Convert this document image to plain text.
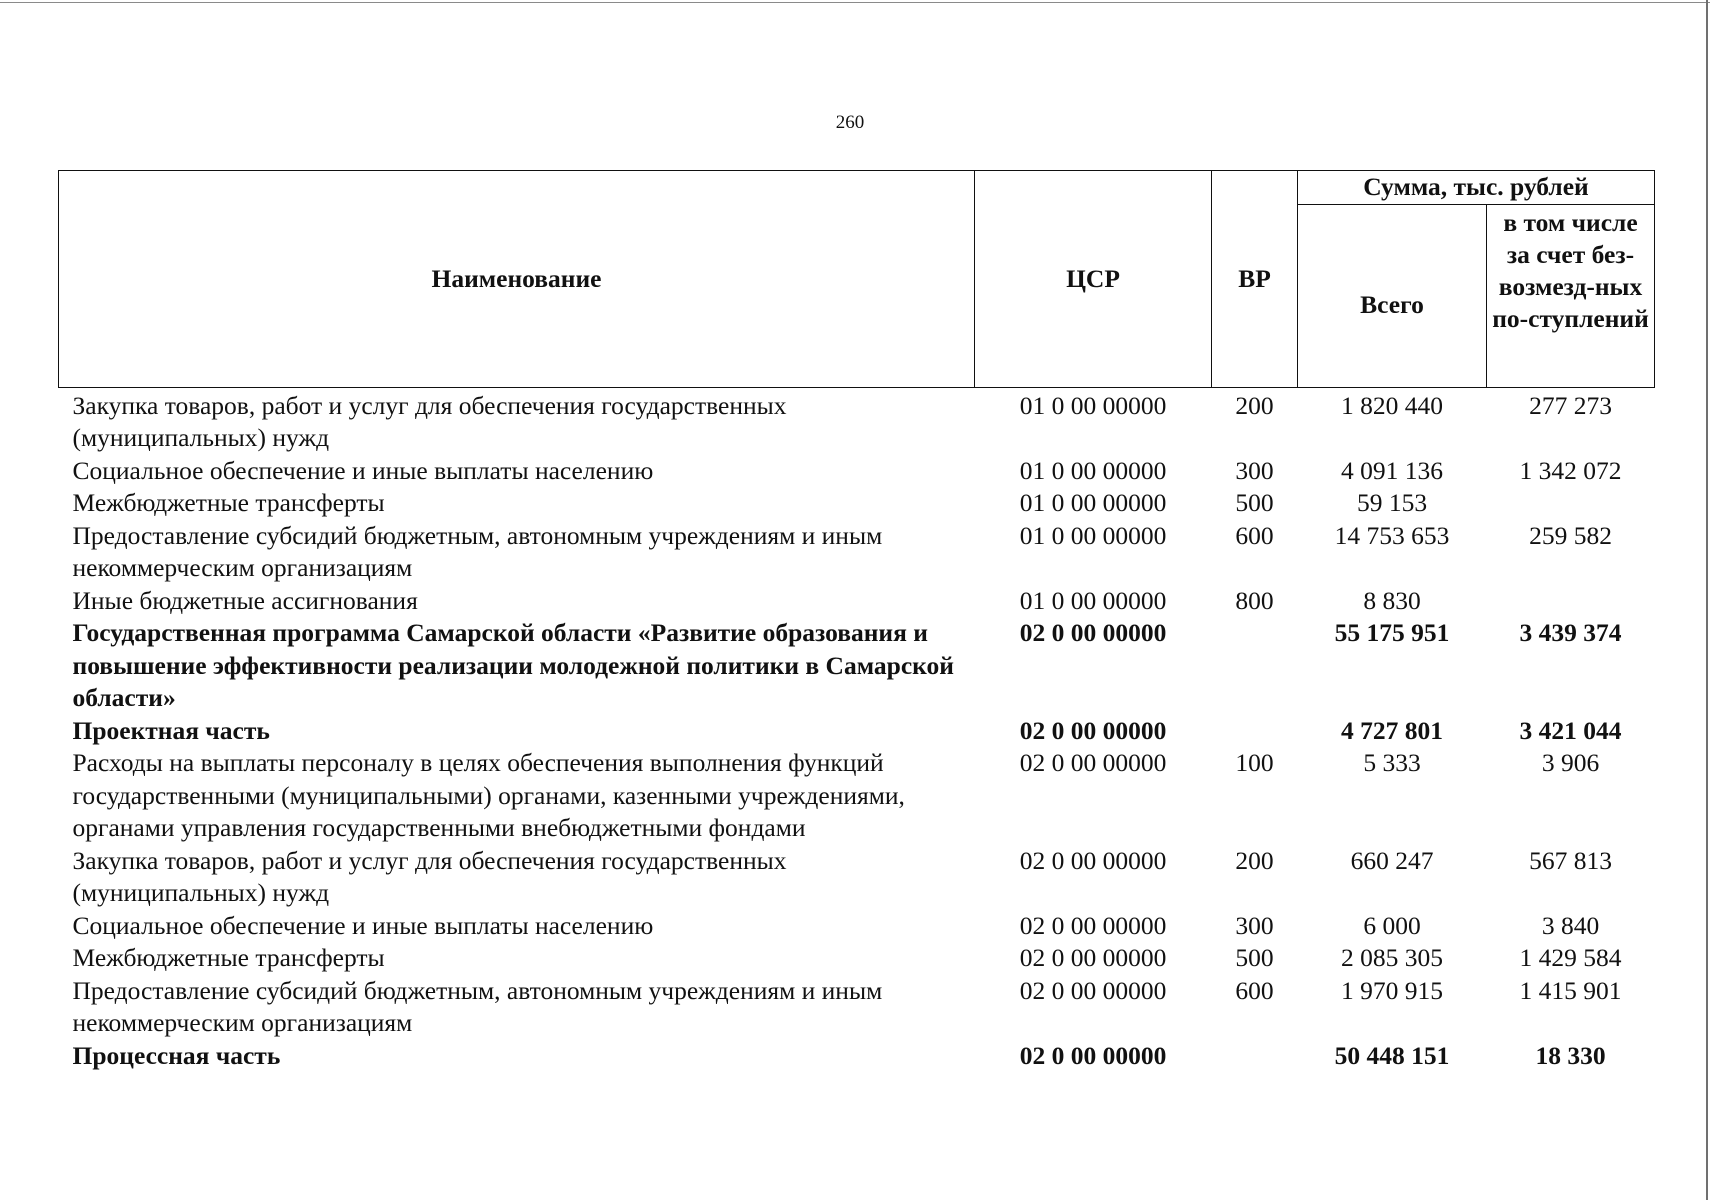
260
Наименование	ЦСР	ВР	Сумма, тыс. рублей	
			Всего	в том числе за счет без-возмезд-ных по-ступлений
Закупка товаров, работ и услуг для обеспечения государственных (муниципальных) нужд	01 0 00 00000	200	1 820 440	277 273
Социальное обеспечение и иные выплаты населению	01 0 00 00000	300	4 091 136	1 342 072
Межбюджетные трансферты	01 0 00 00000	500	59 153	
Предоставление субсидий бюджетным, автономным учреждениям и иным некоммерческим организациям	01 0 00 00000	600	14 753 653	259 582
Иные бюджетные ассигнования	01 0 00 00000	800	8 830	
Государственная программа Самарской области «Развитие образования и повышение эффективности реализации молодежной политики в Самарской области»	02 0 00 00000		55 175 951	3 439 374
Проектная часть	02 0 00 00000		4 727 801	3 421 044
Расходы на выплаты персоналу в целях обеспечения выполнения функций государственными (муниципальными) органами, казенными учреждениями, органами управления государственными внебюджетными фондами	02 0 00 00000	100	5 333	3 906
Закупка товаров, работ и услуг для обеспечения государственных (муниципальных) нужд	02 0 00 00000	200	660 247	567 813
Социальное обеспечение и иные выплаты населению	02 0 00 00000	300	6 000	3 840
Межбюджетные трансферты	02 0 00 00000	500	2 085 305	1 429 584
Предоставление субсидий бюджетным, автономным учреждениям и иным некоммерческим организациям	02 0 00 00000	600	1 970 915	1 415 901
Процессная часть	02 0 00 00000		50 448 151	18 330
